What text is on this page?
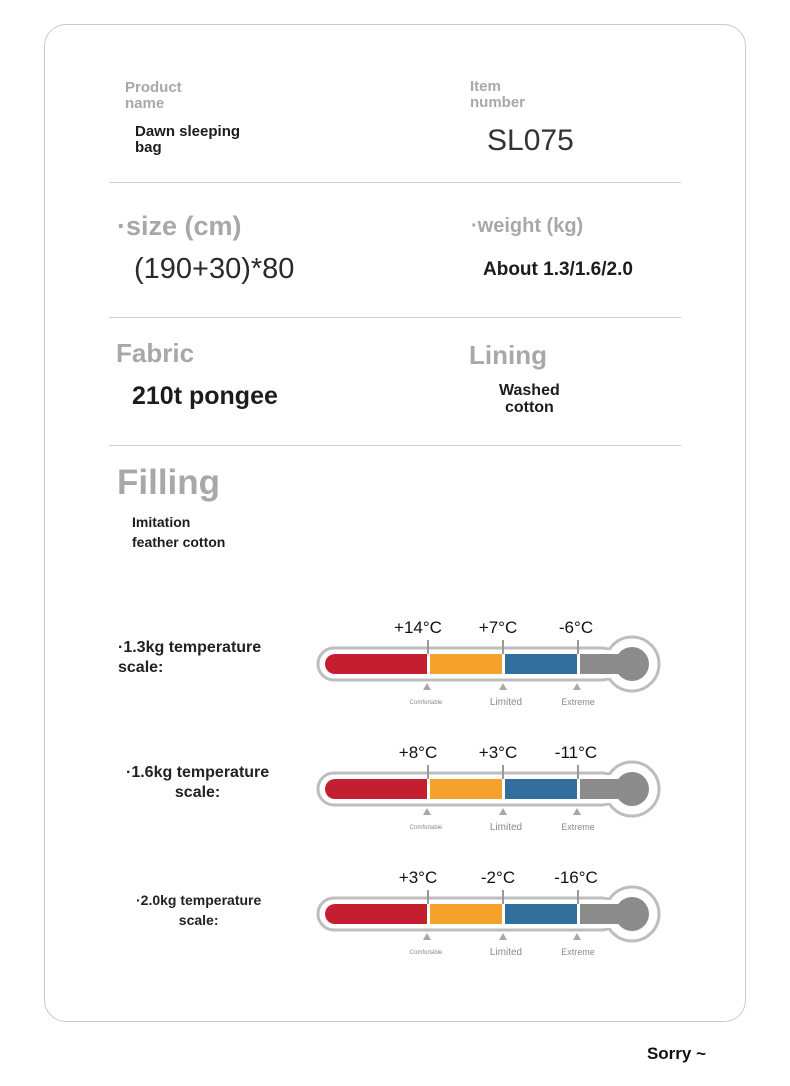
Product
name
Dawn sleeping
bag
Item
number
SL075
·size (cm)
(190+30)*80
·weight (kg)
About 1.3/1.6/2.0
Fabric
210t pongee
Lining
Washed
cotton
Filling
Imitation
feather cotton
·1.3kg temperature
scale:
+14°C +7°C -6°C
Comfortable	Limited	Extreme
·1.6kg temperature
scale:
+8°C +3°C -11°C
Comfortable	Limited	Extreme
·2.0kg temperature
scale:
+3°C	-2°C -16°C
Comfortable	Limited	Extreme
Sorry ~
